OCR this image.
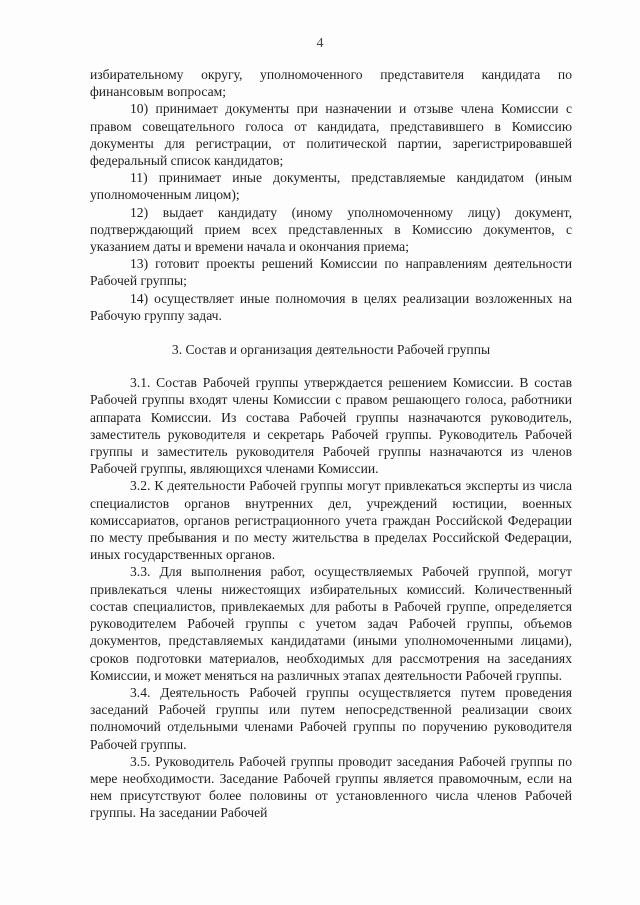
4

избирательному округу, уполномоченного представителя кандидата по финансовым вопросам;

10) принимает документы при назначении и отзыве члена Комиссии с правом совещательного голоса от кандидата, представившего в Комиссию документы для регистрации, от политической партии, зарегистрировавшей федеральный список кандидатов;

11) принимает иные документы, представляемые кандидатом (иным уполномоченным лицом);

12) выдает кандидату (иному уполномоченному лицу) документ, подтверждающий прием всех представленных в Комиссию документов, с указанием даты и времени начала и окончания приема;

13) готовит проекты решений Комиссии по направлениям деятельности Рабочей группы;

14) осуществляет иные полномочия в целях реализации возложенных на Рабочую группу задач.

3. Состав и организация деятельности Рабочей группы

3.1. Состав Рабочей группы утверждается решением Комиссии. В состав Рабочей группы входят члены Комиссии с правом решающего голоса, работники аппарата Комиссии. Из состава Рабочей группы назначаются руководитель, заместитель руководителя и секретарь Рабочей группы. Руководитель Рабочей группы и заместитель руководителя Рабочей группы назначаются из членов Рабочей группы, являющихся членами Комиссии.

3.2. К деятельности Рабочей группы могут привлекаться эксперты из числа специалистов органов внутренних дел, учреждений юстиции, военных комиссариатов, органов регистрационного учета граждан Российской Федерации по месту пребывания и по месту жительства в пределах Российской Федерации, иных государственных органов.

3.3. Для выполнения работ, осуществляемых Рабочей группой, могут привлекаться члены нижестоящих избирательных комиссий. Количественный состав специалистов, привлекаемых для работы в Рабочей группе, определяется руководителем Рабочей группы с учетом задач Рабочей группы, объемов документов, представляемых кандидатами (иными уполномоченными лицами), сроков подготовки материалов, необходимых для рассмотрения на заседаниях Комиссии, и может меняться на различных этапах деятельности Рабочей группы.

3.4. Деятельность Рабочей группы осуществляется путем проведения заседаний Рабочей группы или путем непосредственной реализации своих полномочий отдельными членами Рабочей группы по поручению руководителя Рабочей группы.

3.5. Руководитель Рабочей группы проводит заседания Рабочей группы по мере необходимости. Заседание Рабочей группы является правомочным, если на нем присутствуют более половины от установленного числа членов Рабочей группы. На заседании Рабочей
